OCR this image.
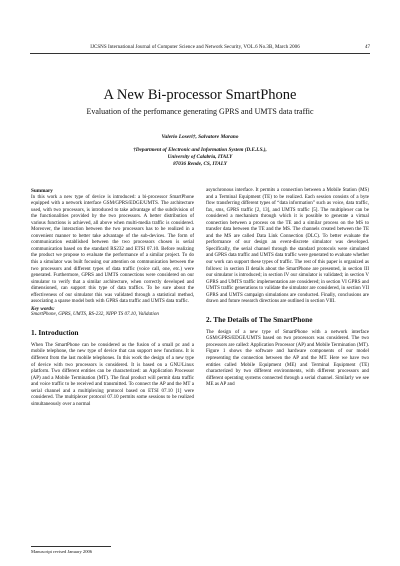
IJCSNS International Journal of Computer Science and Network Security, VOL.6 No.3B, March 2006	47
A New Bi-processor SmartPhone
Evaluation of the perfomance generating GPRS and UMTS data traffic
Valerio Loseri†, Salvatore Marano
†Department of Electronic and Information System (D.E.I.S.),
University of Calabria, ITALY
87036 Rende, CS, ITALY
Summary

In this work a new type of device is introduced: a bi-processor SmartPhone equipped with a network interface GSM/GPRS/EDGE/UMTS. The architecture used, with two processors, is introduced to take advantage of the subdivision of the functionalities provided by the two processors. A better distribution of various functions is achieved, all above when multi-media traffic is considered. Moreover, the interaction between the two processors has to be realized in a convenient manner to better take advantage of the sub-devices. The form of communication established between the two processors chosen is serial communication based on the standard RS232 and ETSI 07.10. Before realizing the product we propose to evaluate the performance of a similar project. To do this a simulator was built focusing our attention on communication between the two processors and different types of data traffic (voice call, one, etc.) were generated. Furthermore, GPRS and UMTS connections were considered on our simulator to verify that a similar architecture, when correctly developed and dimensioned, can support this type of data traffics. To be sure about the effectiveness of our simulator this was validated through a statistical method, associating a sparse model both with GPRS data traffic and UMTS data traffic.

Key words:

SmartPhone, GPRS, UMTS, RS-232, NIPP TS 07.10, Validation

1. Introduction

When The SmartPhone can be considered as the fusion of a small pc and a mobile telephone, the new type of device that can support new functions. It is different from the last mobile telephones. In this work the design of a new type of device with two processors is considered. It is based on a GNU/Linux platform. Two different entities can be characterized: an Application Processor (AP) and a Mobile Termination (MT). The final product will permit data traffic and voice traffic to be received and transmitted. To connect the AP and the MT a serial channel and a multiplexing protocol based on ETSI 07.10 [1] were considered. The multiplexer protocol 07.10 permits some sessions to be realized simultaneously over a normal

asynchronous interface. It permits a connection between a Mobile Station (MS) and a Terminal Equipment (TE) to be realized. Each session consists of a byte flow transferring different types of “data information” such as voice, data traffic, fax, sms, GPRS traffic [2, 13], and UMTS traffic [5]. The multiplexer can be considered a mechanism through which it is possible to generate a virtual connection between a process on the TE and a similar process on the MS to transfer data between the TE and the MS. The channels created between the TE and the MS are called Data Link Connection (DLC). To better evaluate the performance of our design an event-discrete simulator was developed. Specifically, the serial channel through the standard protocols were simulated and GPRS data traffic and UMTS data traffic were generated to evaluate whether our work can support these types of traffic. The rest of this paper is organized as follows: in section II details about the SmartPhone are presented, in section III our simulator is introduced; in section IV our simulator is validated; in section V GPRS and UMTS traffic implementation are considered; in section VI GPRS and UMTS traffic generations to validate the simulator are considered, in section VII GPRS and UMTS campaign simulations are conducted. Finally, conclusions are drawn and future research directions are outlined in section VIII.

2. The Details of The SmartPhone

The design of a new type of SmartPhone with a network interface GSM/GPRS/EDGE/UMTS based on two processors was considered. The two processors are called: Application Processor (AP) and Mobile Termination (MT). Figure 1 shows the software and hardware components of our model representing the connection between the AP and the MT. Here we have two entities called Mobile Equipment (ME) and Terminal Equipment (TE) characterized by two different environments, with different processors and different operating systems connected through a serial channel. Similarly we see ME as AP and

Manuscript revised January 2006
